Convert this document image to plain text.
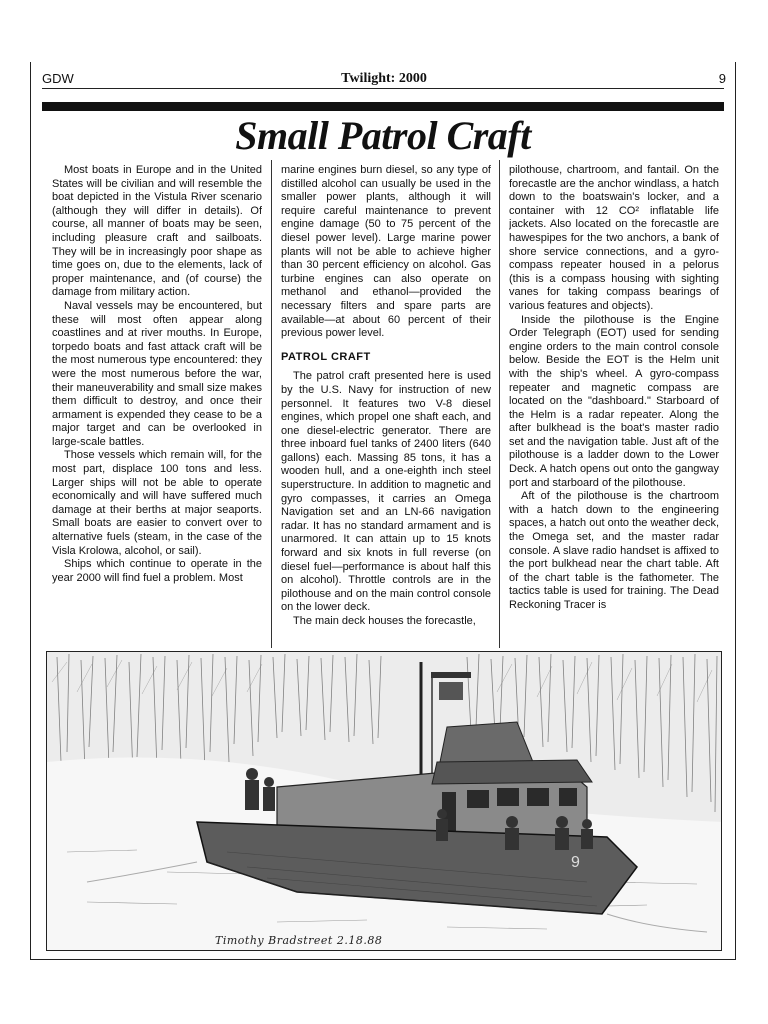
GDW	Twilight: 2000	9
Small Patrol Craft

Most boats in Europe and in the United States will be civilian and will resemble the boat depicted in the Vistula River scenario (although they will differ in details). Of course, all manner of boats may be seen, including pleasure craft and sailboats. They will be in increasingly poor shape as time goes on, due to the elements, lack of proper maintenance, and (of course) the damage from military action.

Naval vessels may be encountered, but these will most often appear along coastlines and at river mouths. In Europe, torpedo boats and fast attack craft will be the most numerous type encountered: they were the most numerous before the war, their maneuverability and small size makes them difficult to destroy, and once their armament is expended they cease to be a major target and can be overlooked in large-scale battles.

Those vessels which remain will, for the most part, displace 100 tons and less. Larger ships will not be able to operate economically and will have suffered much damage at their berths at major seaports. Small boats are easier to convert over to alternative fuels (steam, in the case of the Visla Krolowa, alcohol, or sail).

Ships which continue to operate in the year 2000 will find fuel a problem. Most

marine engines burn diesel, so any type of distilled alcohol can usually be used in the smaller power plants, although it will require careful maintenance to prevent engine damage (50 to 75 percent of the diesel power level). Large marine power plants will not be able to achieve higher than 30 percent efficiency on alcohol. Gas turbine engines can also operate on methanol and ethanol—provided the necessary filters and spare parts are available—at about 60 percent of their previous power level.

PATROL CRAFT

The patrol craft presented here is used by the U.S. Navy for instruction of new personnel. It features two V-8 diesel engines, which propel one shaft each, and one diesel-electric generator. There are three inboard fuel tanks of 2400 liters (640 gallons) each. Massing 85 tons, it has a wooden hull, and a one-eighth inch steel superstructure. In addition to magnetic and gyro compasses, it carries an Omega Navigation set and an LN-66 navigation radar. It has no standard armament and is unarmored. It can attain up to 15 knots forward and six knots in full reverse (on diesel fuel—performance is about half this on alcohol). Throttle controls are in the pilothouse and on the main control console on the lower deck.

The main deck houses the forecastle,

pilothouse, chartroom, and fantail. On the forecastle are the anchor windlass, a hatch down to the boatswain's locker, and a container with 12 CO² inflatable life jackets. Also located on the forecastle are hawespipes for the two anchors, a bank of shore service connections, and a gyro-compass repeater housed in a pelorus (this is a compass housing with sighting vanes for taking compass bearings of various features and objects).

Inside the pilothouse is the Engine Order Telegraph (EOT) used for sending engine orders to the main control console below. Beside the EOT is the Helm unit with the ship's wheel. A gyro-compass repeater and magnetic compass are located on the "dashboard." Starboard of the Helm is a radar repeater. Along the after bulkhead is the boat's master radio set and the navigation table. Just aft of the pilothouse is a ladder down to the Lower Deck. A hatch opens out onto the gangway port and starboard of the pilothouse.

Aft of the pilothouse is the chartroom with a hatch down to the engineering spaces, a hatch out onto the weather deck, the Omega set, and the master radar console. A slave radio handset is affixed to the port bulkhead near the chart table. Aft of the chart table is the fathometer. The tactics table is used for training. The Dead Reckoning Tracer is

9
Timothy Bradstreet 2.18.88
